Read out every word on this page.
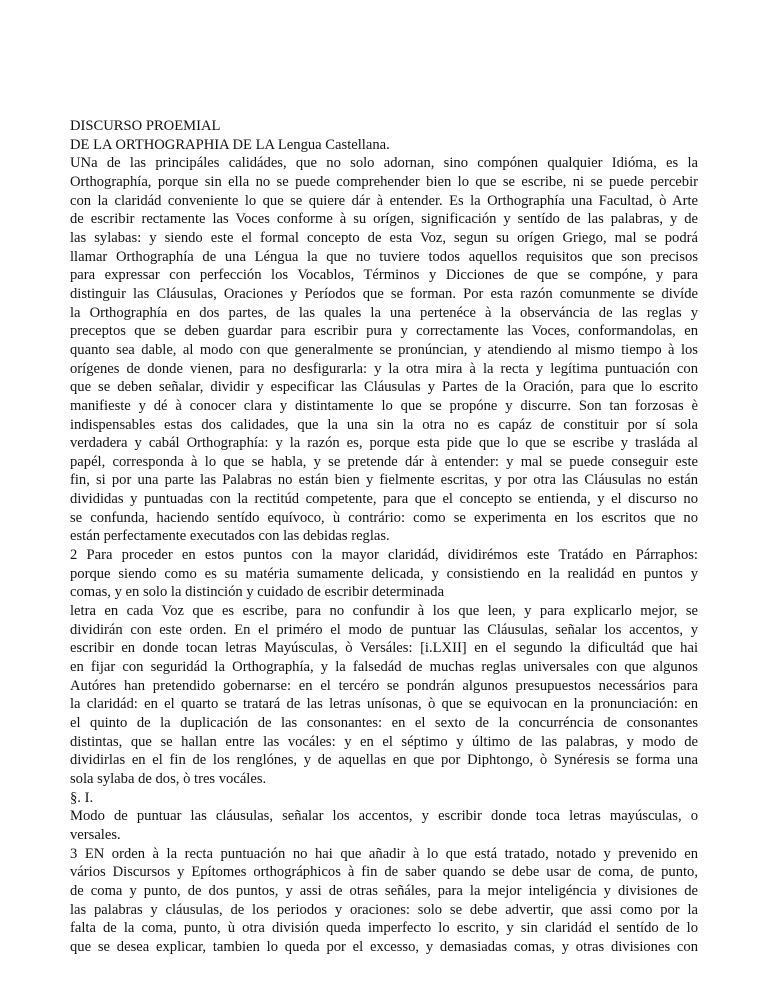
DISCURSO PROEMIAL
DE LA ORTHOGRAPHIA DE LA Lengua Castellana.
UNa de las principáles calidádes, que no solo adornan, sino compónen qualquier Idióma, es la
Orthographía, porque sin ella no se puede comprehender bien lo que se escribe, ni se puede percebir
con la claridád conveniente lo que se quiere dár à entender. Es la Orthographía una Facultad, ò Arte
de escribir rectamente las Voces conforme à su orígen, significación y sentído de las palabras, y de
las sylabas: y siendo este el formal concepto de esta Voz, segun su orígen Griego, mal se podrá
llamar Orthographía de una Léngua la que no tuviere todos aquellos requisitos que son precisos
para expressar con perfección los Vocablos, Términos y Dicciones de que se compóne, y para
distinguir las Cláusulas, Oraciones y Períodos que se forman. Por esta razón comunmente se divíde
la Orthographía en dos partes, de las quales la una pertenéce à la observáncia de las reglas y
preceptos que se deben guardar para escribir pura y correctamente las Voces, conformandolas, en
quanto sea dable, al modo con que generalmente se pronúncian, y atendiendo al mismo tiempo à los
orígenes de donde vienen, para no desfigurarla: y la otra mira à la recta y legítima puntuación con
que se deben señalar, dividir y especificar las Cláusulas y Partes de la Oración, para que lo escrito
manifieste y dé à conocer clara y distintamente lo que se propóne y discurre. Son tan forzosas è
indispensables estas dos calidades, que la una sin la otra no es capáz de constituir por sí sola
verdadera y cabál Orthographía: y la razón es, porque esta pide que lo que se escribe y trasláda al
papél, corresponda à lo que se habla, y se pretende dár à entender: y mal se puede conseguir este
fin, si por una parte las Palabras no están bien y fielmente escritas, y por otra las Cláusulas no están
divididas y puntuadas con la rectitúd competente, para que el concepto se entienda, y el discurso no
se confunda, haciendo sentído equívoco, ù contrário: como se experimenta en los escritos que no
están perfectamente executados con las debidas reglas.
2 Para proceder en estos puntos con la mayor claridád, dividirémos este Tratádo en Párraphos:
porque siendo como es su matéria sumamente delicada, y consistiendo en la realidád en puntos y
comas, y en solo la distinción y cuidado de escribir determinada
letra en cada Voz que es escribe, para no confundir à los que leen, y para explicarlo mejor, se
dividirán con este orden. En el priméro el modo de puntuar las Cláusulas, señalar los accentos, y
escribir en donde tocan letras Mayúsculas, ò Versáles: [i.LXII] en el segundo la dificultád que hai
en fijar con seguridád la Orthographía, y la falsedád de muchas reglas universales con que algunos
Autóres han pretendido gobernarse: en el tercéro se pondrán algunos presupuestos necessários para
la claridád: en el quarto se tratará de las letras unísonas, ò que se equivocan en la pronunciación: en
el quinto de la duplicación de las consonantes: en el sexto de la concurréncia de consonantes
distintas, que se hallan entre las vocáles: y en el séptimo y último de las palabras, y modo de
dividirlas en el fin de los renglónes, y de aquellas en que por Diphtongo, ò Synéresis se forma una
sola sylaba de dos, ò tres vocáles.
§. I.
Modo de puntuar las cláusulas, señalar los accentos, y escribir donde toca letras mayúsculas, o
versales.
3 EN orden à la recta puntuación no hai que añadir à lo que está tratado, notado y prevenido en
vários Discursos y Epítomes orthográphicos à fin de saber quando se debe usar de coma, de punto,
de coma y punto, de dos puntos, y assi de otras señáles, para la mejor inteligéncia y divisiones de
las palabras y cláusulas, de los periodos y oraciones: solo se debe advertir, que assi como por la
falta de la coma, punto, ù otra división queda imperfecto lo escrito, y sin claridád el sentído de lo
que se desea explicar, tambien lo queda por el excesso, y demasiadas comas, y otras divisiones con
